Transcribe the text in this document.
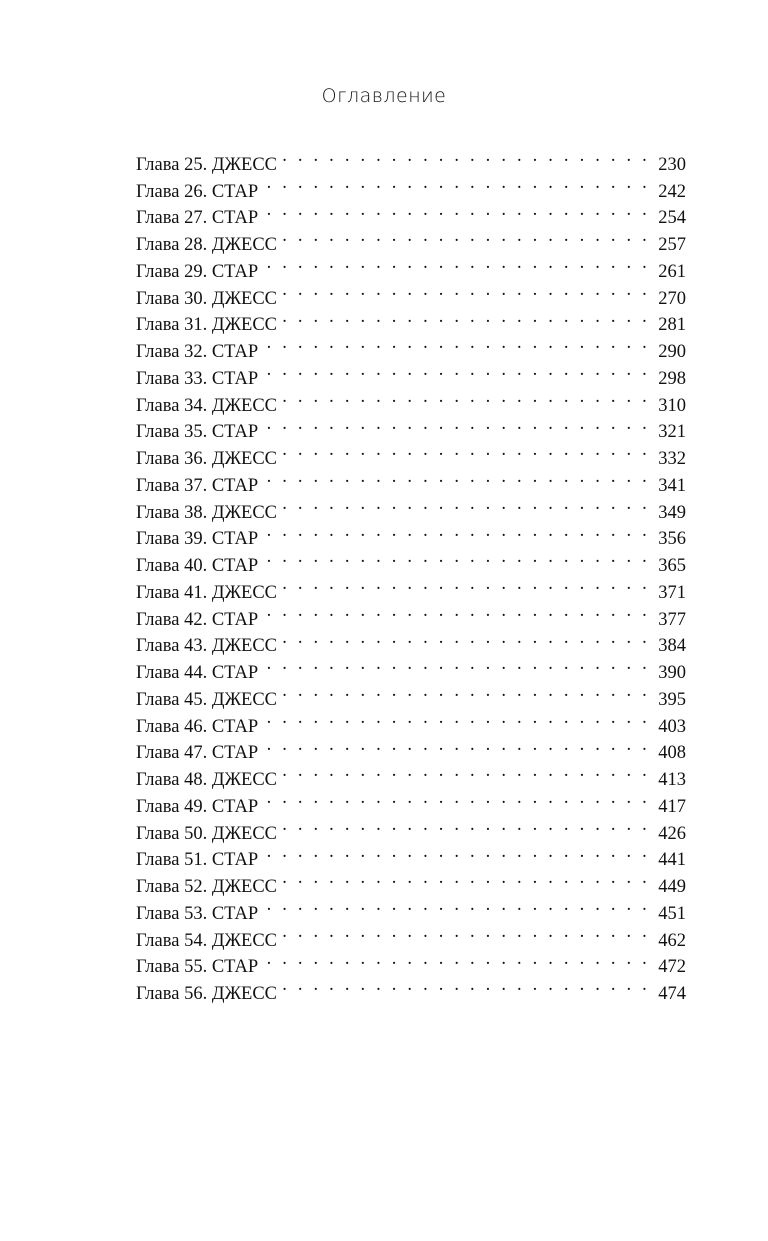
Оглавление
Глава 25. ДЖЕСС . . .	230
Глава 26. СТАР . . .	242
Глава 27. СТАР . . .	254
Глава 28. ДЖЕСС . . .	257
Глава 29. СТАР . . .	261
Глава 30. ДЖЕСС . . .	270
Глава 31. ДЖЕСС . . .	281
Глава 32. СТАР . . .	290
Глава 33. СТАР . . .	298
Глава 34. ДЖЕСС . . .	310
Глава 35. СТАР . . .	321
Глава 36. ДЖЕСС . . .	332
Глава 37. СТАР . . .	341
Глава 38. ДЖЕСС . . .	349
Глава 39. СТАР . . .	356
Глава 40. СТАР . . .	365
Глава 41. ДЖЕСС . . .	371
Глава 42. СТАР . . .	377
Глава 43. ДЖЕСС . . .	384
Глава 44. СТАР . . .	390
Глава 45. ДЖЕСС . . .	395
Глава 46. СТАР . . .	403
Глава 47. СТАР . . .	408
Глава 48. ДЖЕСС . . .	413
Глава 49. СТАР . . .	417
Глава 50. ДЖЕСС . . .	426
Глава 51. СТАР . . .	441
Глава 52. ДЖЕСС . . .	449
Глава 53. СТАР . . .	451
Глава 54. ДЖЕСС . . .	462
Глава 55. СТАР . . .	472
Глава 56. ДЖЕСС . . .	474
